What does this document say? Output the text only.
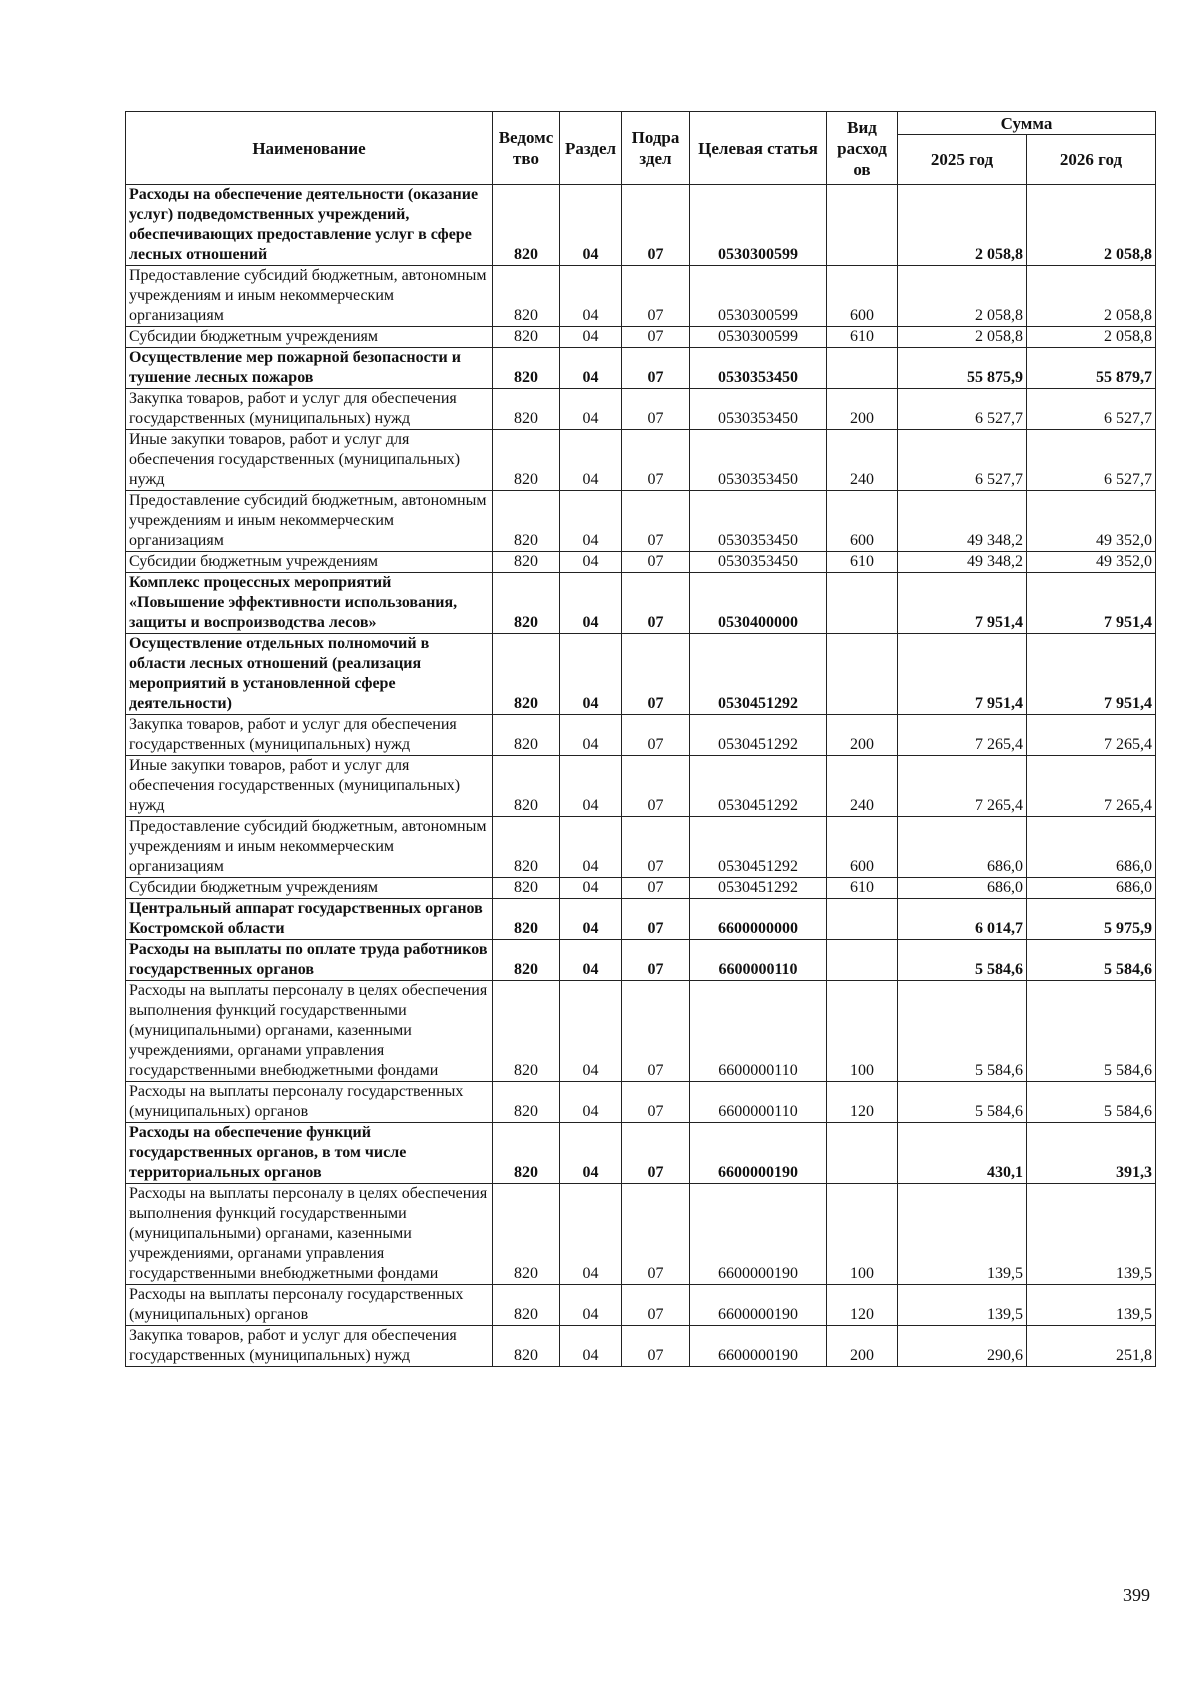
Наименование	Ведомс тво	Раздел	Подра здел	Целевая статья	Вид расход ов	Сумма	
						2025 год	2026 год
Расходы на обеспечение деятельности (оказание услуг) подведомственных учреждений, обеспечивающих предоставление услуг в сфере лесных отношений	820	04	07	0530300599		2 058,8	2 058,8
Предоставление субсидий бюджетным, автономным учреждениям и иным некоммерческим организациям	820	04	07	0530300599	600	2 058,8	2 058,8
Субсидии бюджетным учреждениям	820	04	07	0530300599	610	2 058,8	2 058,8
Осуществление мер пожарной безопасности и тушение лесных пожаров	820	04	07	0530353450		55 875,9	55 879,7
Закупка товаров, работ и услуг для обеспечения государственных (муниципальных) нужд	820	04	07	0530353450	200	6 527,7	6 527,7
Иные закупки товаров, работ и услуг для обеспечения государственных (муниципальных) нужд	820	04	07	0530353450	240	6 527,7	6 527,7
Предоставление субсидий бюджетным, автономным учреждениям и иным некоммерческим организациям	820	04	07	0530353450	600	49 348,2	49 352,0
Субсидии бюджетным учреждениям	820	04	07	0530353450	610	49 348,2	49 352,0
Комплекс процессных мероприятий «Повышение эффективности использования, защиты и воспроизводства лесов»	820	04	07	0530400000		7 951,4	7 951,4
Осуществление отдельных полномочий в области лесных отношений (реализация мероприятий в установленной сфере деятельности)	820	04	07	0530451292		7 951,4	7 951,4
Закупка товаров, работ и услуг для обеспечения государственных (муниципальных) нужд	820	04	07	0530451292	200	7 265,4	7 265,4
Иные закупки товаров, работ и услуг для обеспечения государственных (муниципальных) нужд	820	04	07	0530451292	240	7 265,4	7 265,4
Предоставление субсидий бюджетным, автономным учреждениям и иным некоммерческим организациям	820	04	07	0530451292	600	686,0	686,0
Субсидии бюджетным учреждениям	820	04	07	0530451292	610	686,0	686,0
Центральный аппарат государственных органов Костромской области	820	04	07	6600000000		6 014,7	5 975,9
Расходы на выплаты по оплате труда работников государственных органов	820	04	07	6600000110		5 584,6	5 584,6
Расходы на выплаты персоналу в целях обеспечения выполнения функций государственными (муниципальными) органами, казенными учреждениями, органами управления государственными внебюджетными фондами	820	04	07	6600000110	100	5 584,6	5 584,6
Расходы на выплаты персоналу государственных (муниципальных) органов	820	04	07	6600000110	120	5 584,6	5 584,6
Расходы на обеспечение функций государственных органов, в том числе территориальных органов	820	04	07	6600000190		430,1	391,3
Расходы на выплаты персоналу в целях обеспечения выполнения функций государственными (муниципальными) органами, казенными учреждениями, органами управления государственными внебюджетными фондами	820	04	07	6600000190	100	139,5	139,5
Расходы на выплаты персоналу государственных (муниципальных) органов	820	04	07	6600000190	120	139,5	139,5
Закупка товаров, работ и услуг для обеспечения государственных (муниципальных) нужд	820	04	07	6600000190	200	290,6	251,8
399
